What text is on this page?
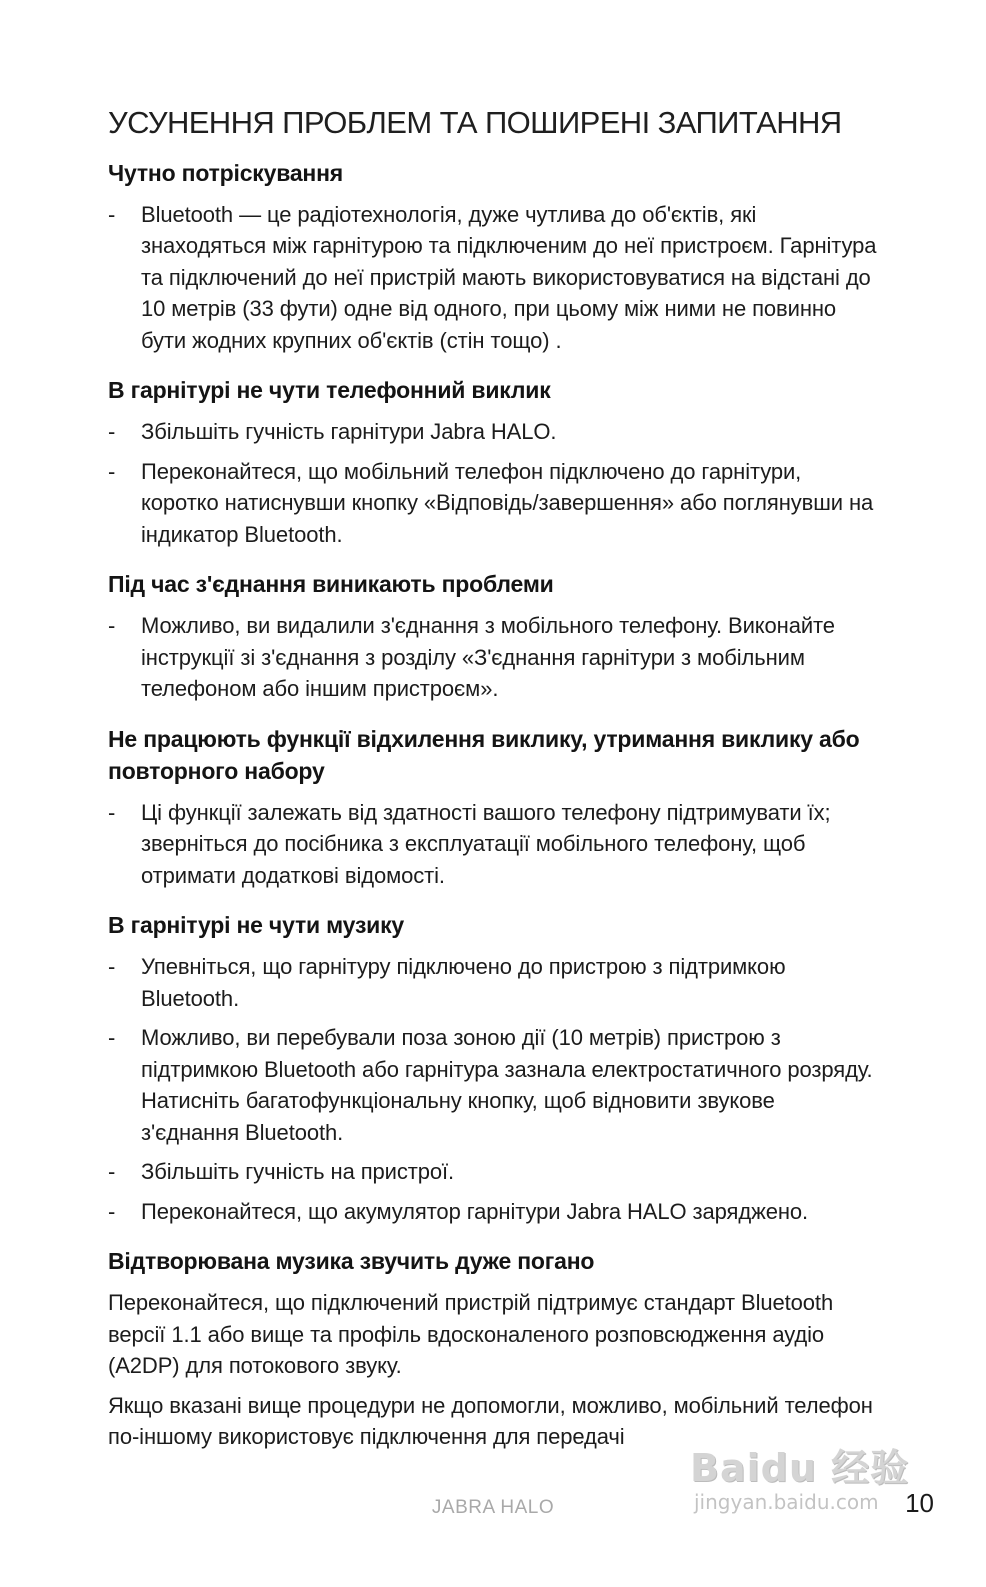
УСУНЕННЯ ПРОБЛЕМ ТА ПОШИРЕНІ ЗАПИТАННЯ
Чутно потріскування
- Bluetooth — це радіотехнологія, дуже чутлива до об'єктів, які знаходяться між гарнітурою та підключеним до неї пристроєм. Гарнітура та підключений до неї пристрій мають використовуватися на відстані до 10 метрів (33 фути) одне від одного, при цьому між ними не повинно бути жодних крупних об'єктів (стін тощо) .
В гарнітурі не чути телефонний виклик
- Збільшіть гучність гарнітури Jabra HALO.
- Переконайтеся, що мобільний телефон підключено до гарнітури, коротко натиснувши кнопку «Відповідь/завершення» або поглянувши на індикатор Bluetooth.
Під час з'єднання виникають проблеми
- Можливо, ви видалили з'єднання з мобільного телефону. Виконайте інструкції зі з'єднання з розділу «З'єднання гарнітури з мобільним телефоном або іншим пристроєм».
Не працюють функції відхилення виклику, утримання виклику або повторного набору
- Ці функції залежать від здатності вашого телефону підтримувати їх; зверніться до посібника з експлуатації мобільного телефону, щоб отримати додаткові відомості.
В гарнітурі не чути музику
- Упевніться, що гарнітуру підключено до пристрою з підтримкою Bluetooth.
- Можливо, ви перебували поза зоною дії (10 метрів) пристрою з підтримкою Bluetooth або гарнітура зазнала електростатичного розряду. Натисніть багатофункціональну кнопку, щоб відновити звукове з'єднання Bluetooth.
- Збільшіть гучність на пристрої.
- Переконайтеся, що акумулятор гарнітури Jabra HALO заряджено.
Відтворювана музика звучить дуже погано

Переконайтеся, що підключений пристрій підтримує стандарт Bluetooth версії 1.1 або вище та профіль вдосконаленого розповсюдження аудіо (A2DP) для потокового звуку.

Якщо вказані вище процедури не допомогли, можливо, мобільний телефон по-іншому використовує підключення для передачі

Baidu 经验
jingyan.baidu.com
JABRA HALO	10
